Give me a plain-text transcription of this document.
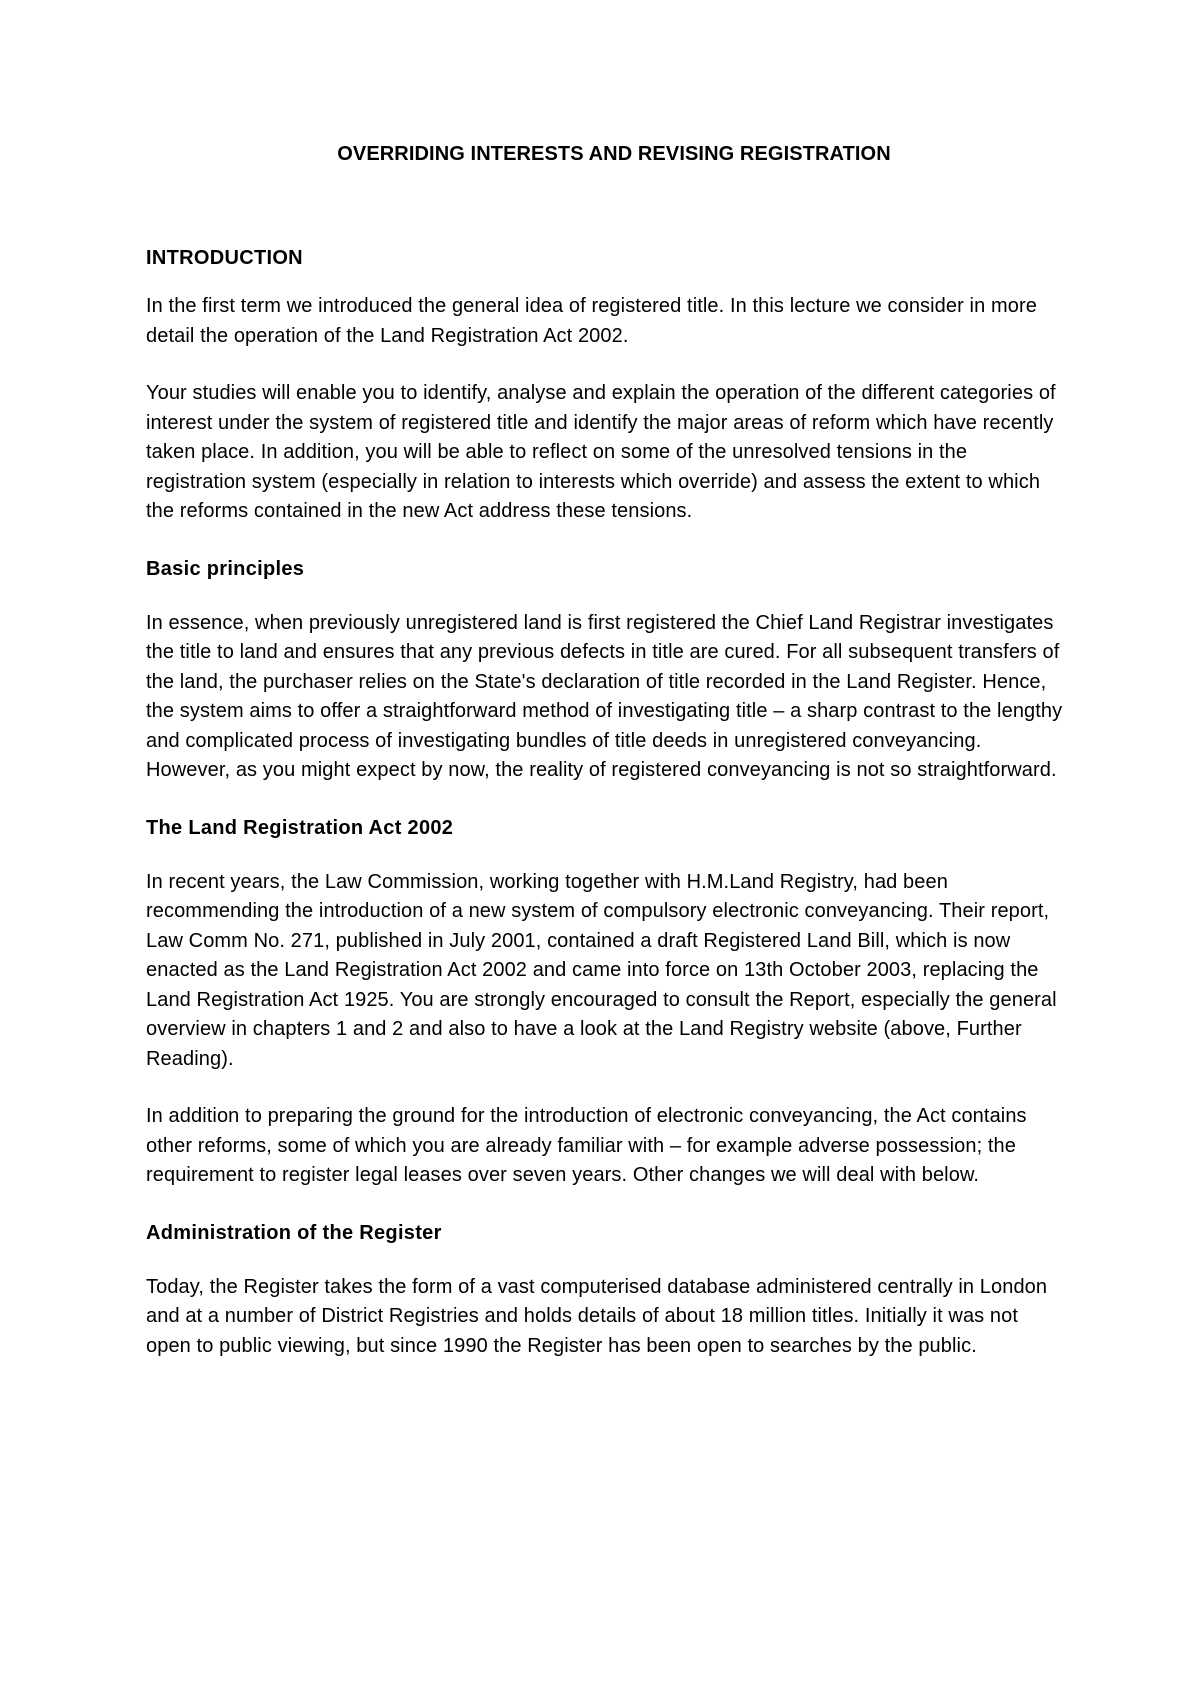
OVERRIDING INTERESTS AND REVISING REGISTRATION
INTRODUCTION

In the first term we introduced the general idea of registered title. In this lecture we consider in more detail the operation of the Land Registration Act 2002.

Your studies will enable you to identify, analyse and explain the operation of the different categories of interest under the system of registered title and identify the major areas of reform which have recently taken place. In addition, you will be able to reflect on some of the unresolved tensions in the registration system (especially in relation to interests which override) and assess the extent to which the reforms contained in the new Act address these tensions.

Basic principles

In essence, when previously unregistered land is first registered the Chief Land Registrar investigates the title to land and ensures that any previous defects in title are cured. For all subsequent transfers of the land, the purchaser relies on the State's declaration of title recorded in the Land Register. Hence, the system aims to offer a straightforward method of investigating title – a sharp contrast to the lengthy and complicated process of investigating bundles of title deeds in unregistered conveyancing. However, as you might expect by now, the reality of registered conveyancing is not so straightforward.

The Land Registration Act 2002

In recent years, the Law Commission, working together with H.M.Land Registry, had been recommending the introduction of a new system of compulsory electronic conveyancing. Their report, Law Comm No. 271, published in July 2001, contained a draft Registered Land Bill, which is now enacted as the Land Registration Act 2002 and came into force on 13th October 2003, replacing the Land Registration Act 1925. You are strongly encouraged to consult the Report, especially the general overview in chapters 1 and 2 and also to have a look at the Land Registry website (above, Further Reading).

In addition to preparing the ground for the introduction of electronic conveyancing, the Act contains other reforms, some of which you are already familiar with – for example adverse possession; the requirement to register legal leases over seven years. Other changes we will deal with below.

Administration of the Register

Today, the Register takes the form of a vast computerised database administered centrally in London and at a number of District Registries and holds details of about 18 million titles. Initially it was not open to public viewing, but since 1990 the Register has been open to searches by the public.
